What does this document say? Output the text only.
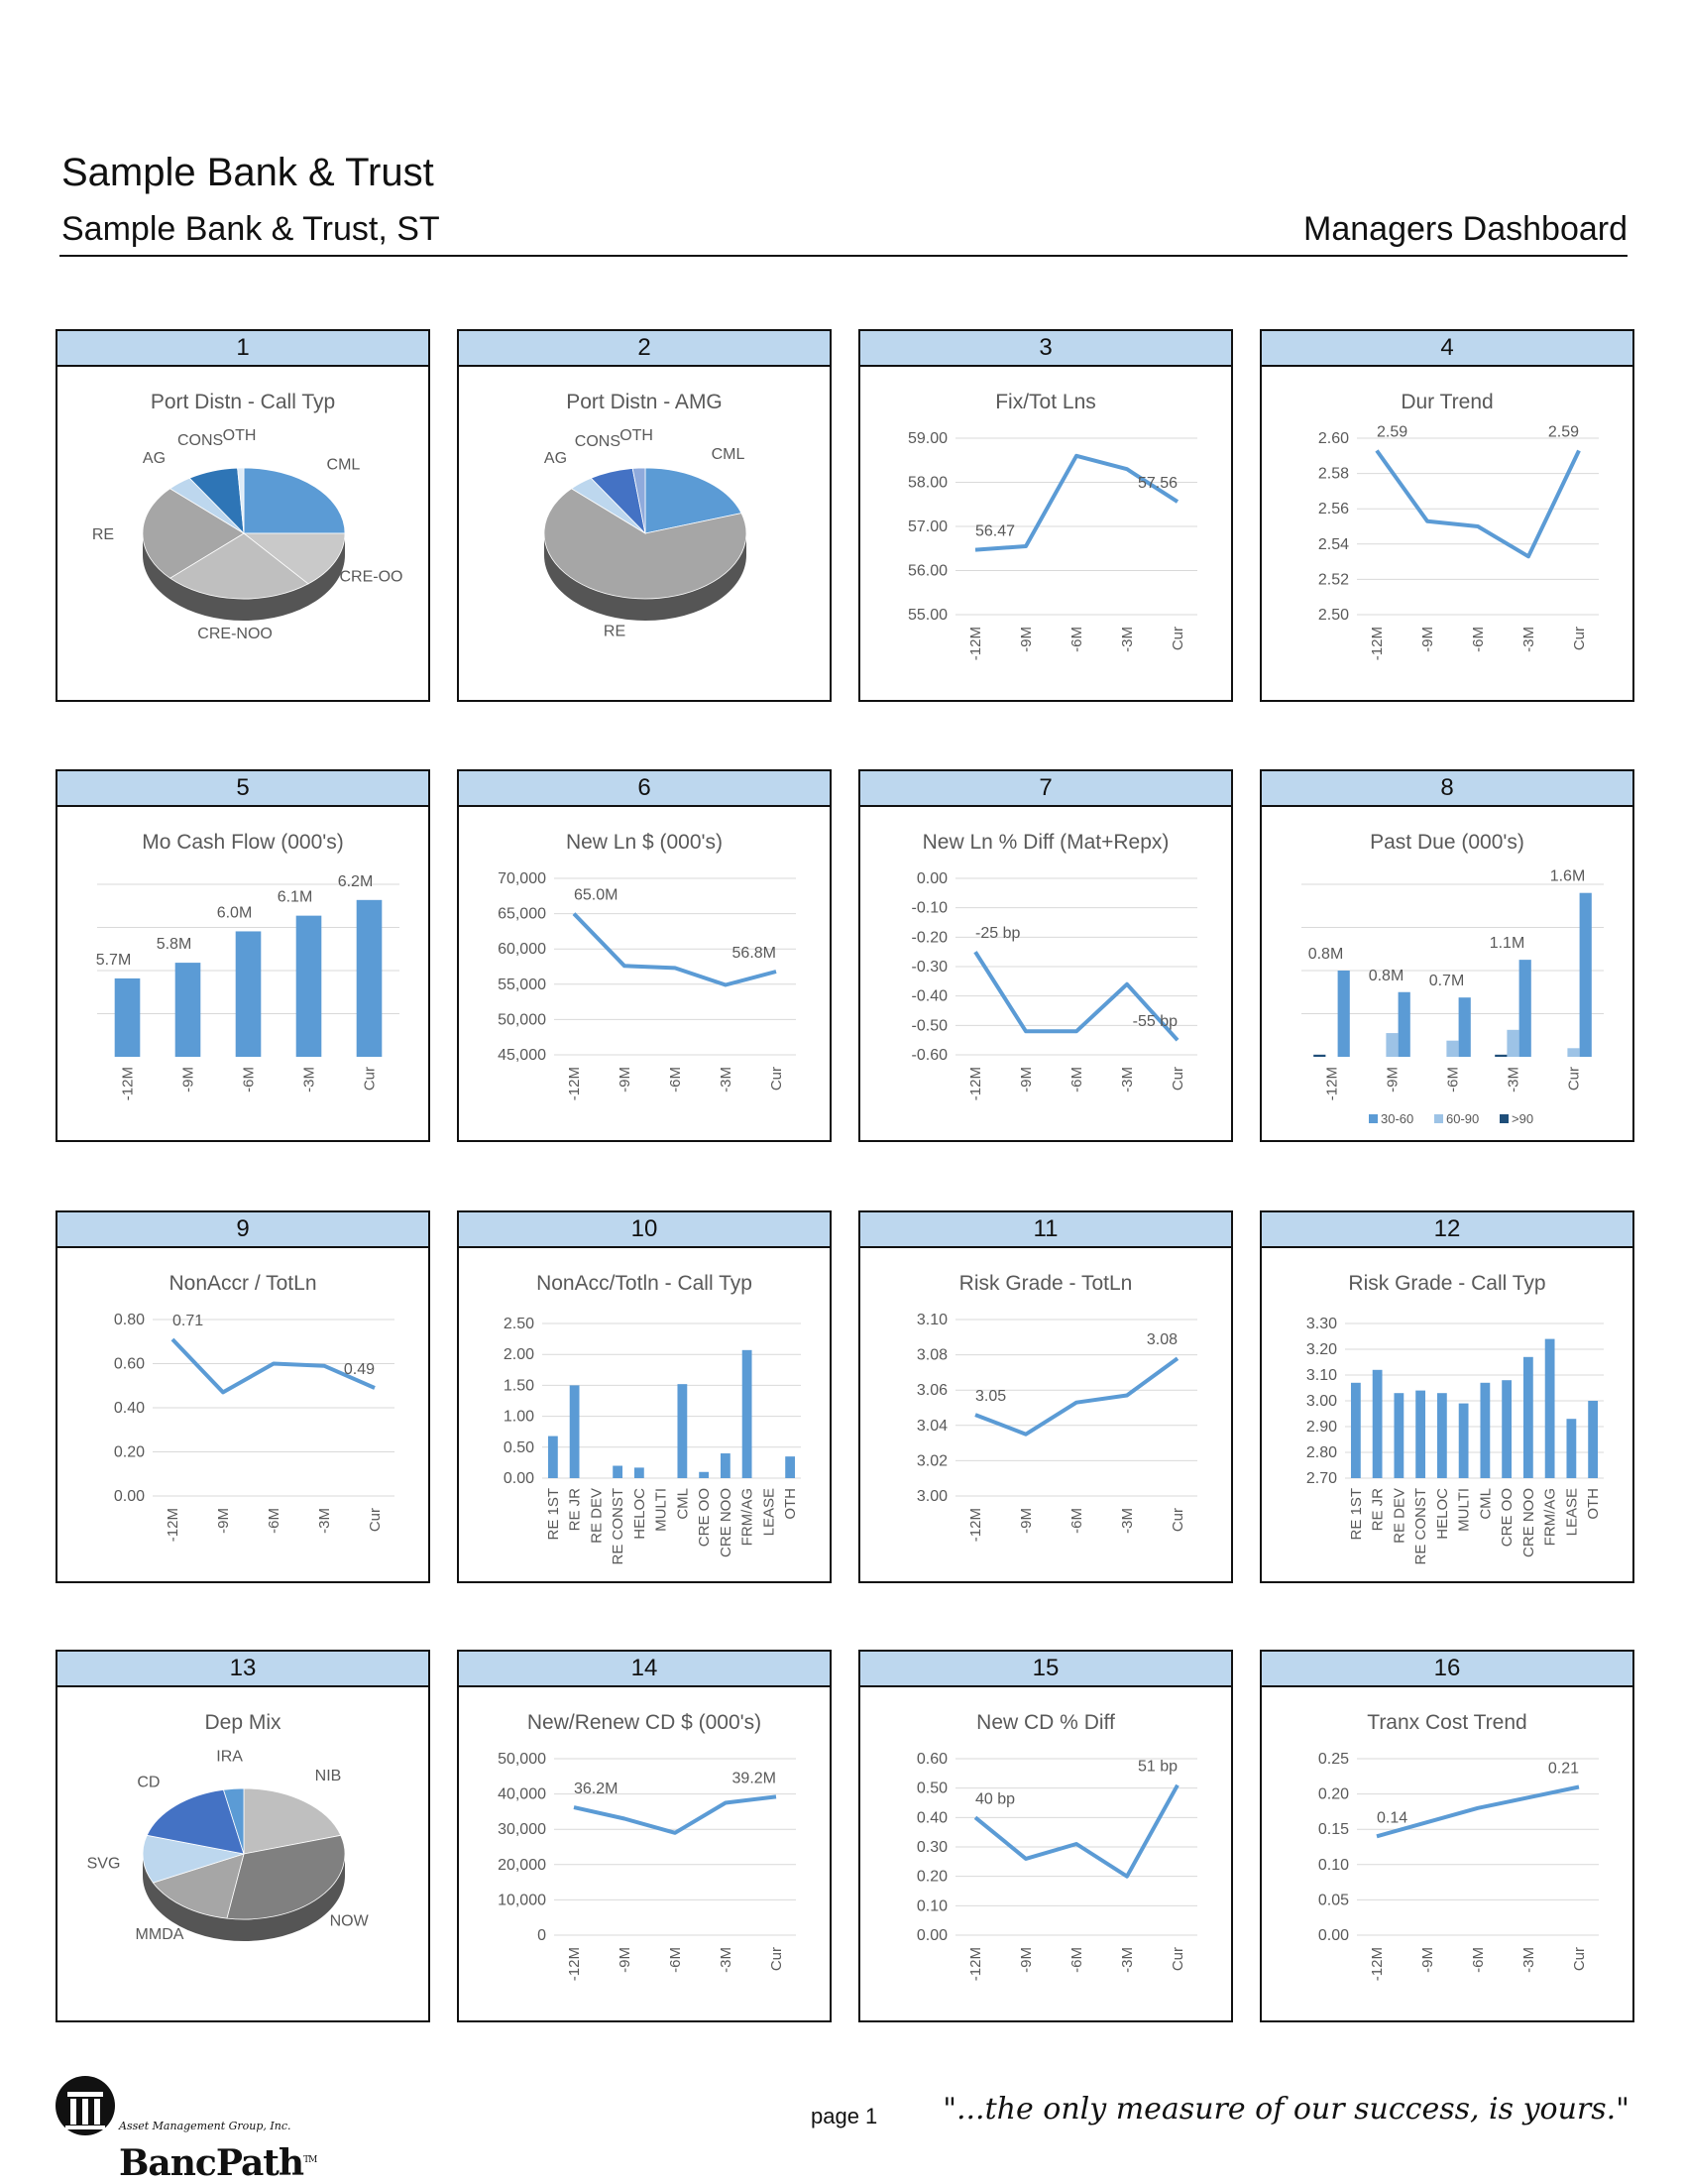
Sample Bank & Trust
Sample Bank & Trust, ST	Managers Dashboard
1
Port Distn - Call Typ
CML
CRE-OO
CRE-NOO
RE
AG
CONS OTH
2
Port Distn - AMG
CML
RE
AG
CONS OTH
3
Fix/Tot Lns
55.00
56.00
57.00
58.00
59.00
56.47
57.56
-12M -9M -6M -3M Cur
4
Dur Trend
2.50
2.52
2.54
2.56
2.58
2.60 2.59	2.59
-12M -9M -6M -3M Cur
5
Mo Cash Flow (000's)
5.7M
5.8M
6.0M
6.1M
6.2M
-12M	-9M	-6M	-3M	Cur
6
New Ln $ (000's)
45,000
50,000
55,000
60,000
65,000
70,000
65.0M
56.8M
-12M -9M -6M -3M Cur
7
New Ln % Diff (Mat+Repx)
-0.60
-0.50
-0.40
-0.30
-0.20
-0.10
0.00
-25 bp
-55 bp
-12M -9M -6M -3M Cur
8
Past Due (000's)
30-60	60-90	>90
0.8M
0.8M 0.7M
1.1M
1.6M
-12M	-9M	-6M	-3M	Cur
9
NonAccr / TotLn
0.00
0.20
0.40
0.60
0.80 0.71
0.49
-12M -9M -6M -3M Cur
10
NonAcc/Totln - Call Typ
0.00
0.50
1.00
1.50
2.00
2.50
RE 1ST RE JR RE DEV RE CONST HELOC MULTI CML CRE OO CRE NOO FRM/AG LEASE OTH
11
Risk Grade - TotLn
3.00
3.02
3.04
3.06
3.08
3.10
3.05
3.08
-12M -9M -6M -3M Cur
12
Risk Grade - Call Typ
2.70
2.80
2.90
3.00
3.10
3.20
3.30
RE 1ST RE JR RE DEV RE CONST HELOC MULTI CML CRE OO CRE NOO FRM/AG LEASE OTH
13
Dep Mix
NIB
NOW
MMDA
SVG
CD
IRA
14
New/Renew CD $ (000's)
0
10,000
20,000
30,000
40,000
50,000
36.2M
39.2M
-12M -9M -6M -3M Cur
15
New CD % Diff
0.00
0.10
0.20
0.30
0.40
0.50
0.60
40 bp
51 bp
-12M -9M -6M -3M Cur
16
Tranx Cost Trend
0.00
0.05
0.10
0.15
0.20
0.25
0.14
0.21
-12M -9M -6M -3M Cur
BancPath™
Asset Management Group, Inc.	page 1 "...the only measure of our success, is yours."
